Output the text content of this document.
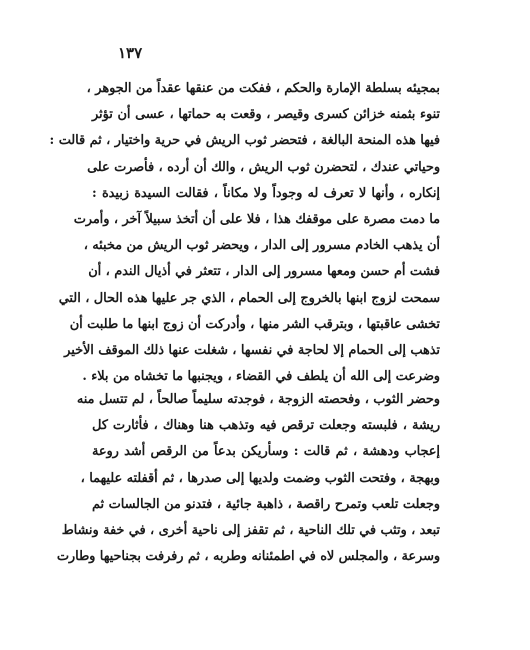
١٣٧
بمجيئه بسلطة الإمارة والحكم ، ففكت من عنقها عقداً من الجوهر ،
تنوء بثمنه خزائن كسرى وقيصر ، وقعت به حماتها ، عسى أن تؤثر
فيها هذه المنحة البالغة ، فتحضر ثوب الريش في حرية واختيار ، ثم قالت :
وحياتي عندك ، لتحضرن ثوب الريش ، والك أن أرده ، فأصرت على
إنكاره ، وأنها لا تعرف له وجوداً ولا مكاناً ، فقالت السيدة زبيدة :
ما دمت مصرة على موقفك هذا ، فلا على أن أتخذ سبيلاً آخر ، وأمرت
أن يذهب الخادم مسرور إلى الدار ، ويحضر ثوب الريش من مخبئه ،
فشت أم حسن ومعها مسرور إلى الدار ، تتعثر في أذيال الندم ، أن
سمحت لزوج ابنها بالخروج إلى الحمام ، الذي جر عليها هذه الحال ، التي
تخشى عاقبتها ، وبترقب الشر منها ، وأدركت أن زوج ابنها ما طلبت أن
تذهب إلى الحمام إلا لحاجة في نفسها ، شغلت عنها ذلك الموقف الأخير
وضرعت إلى الله أن يلطف في القضاء ، ويجنبها ما تخشاه من بلاء .
وحضر الثوب ، وفحصته الزوجة ، فوجدته سليماً صالحاً ، لم تتسل منه
ريشة ، فلبسته وجعلت ترقص فيه وتذهب هنا وهناك ، فأثارت كل
إعجاب ودهشة ، ثم قالت : وسأريكن بدعاً من الرقص أشد روعة
وبهجة ، وفتحت الثوب وضمت ولديها إلى صدرها ، ثم أقفلته عليهما ،
وجعلت تلعب وتمرح راقصة ، ذاهبة جائية ، فتدنو من الجالسات ثم
تبعد ، وتثب في تلك الناحية ، ثم تقفز إلى ناحية أخرى ، في خفة ونشاط
وسرعة ، والمجلس لاه في اطمئنانه وطربه ، ثم رفرفت بجناحيها وطارت
